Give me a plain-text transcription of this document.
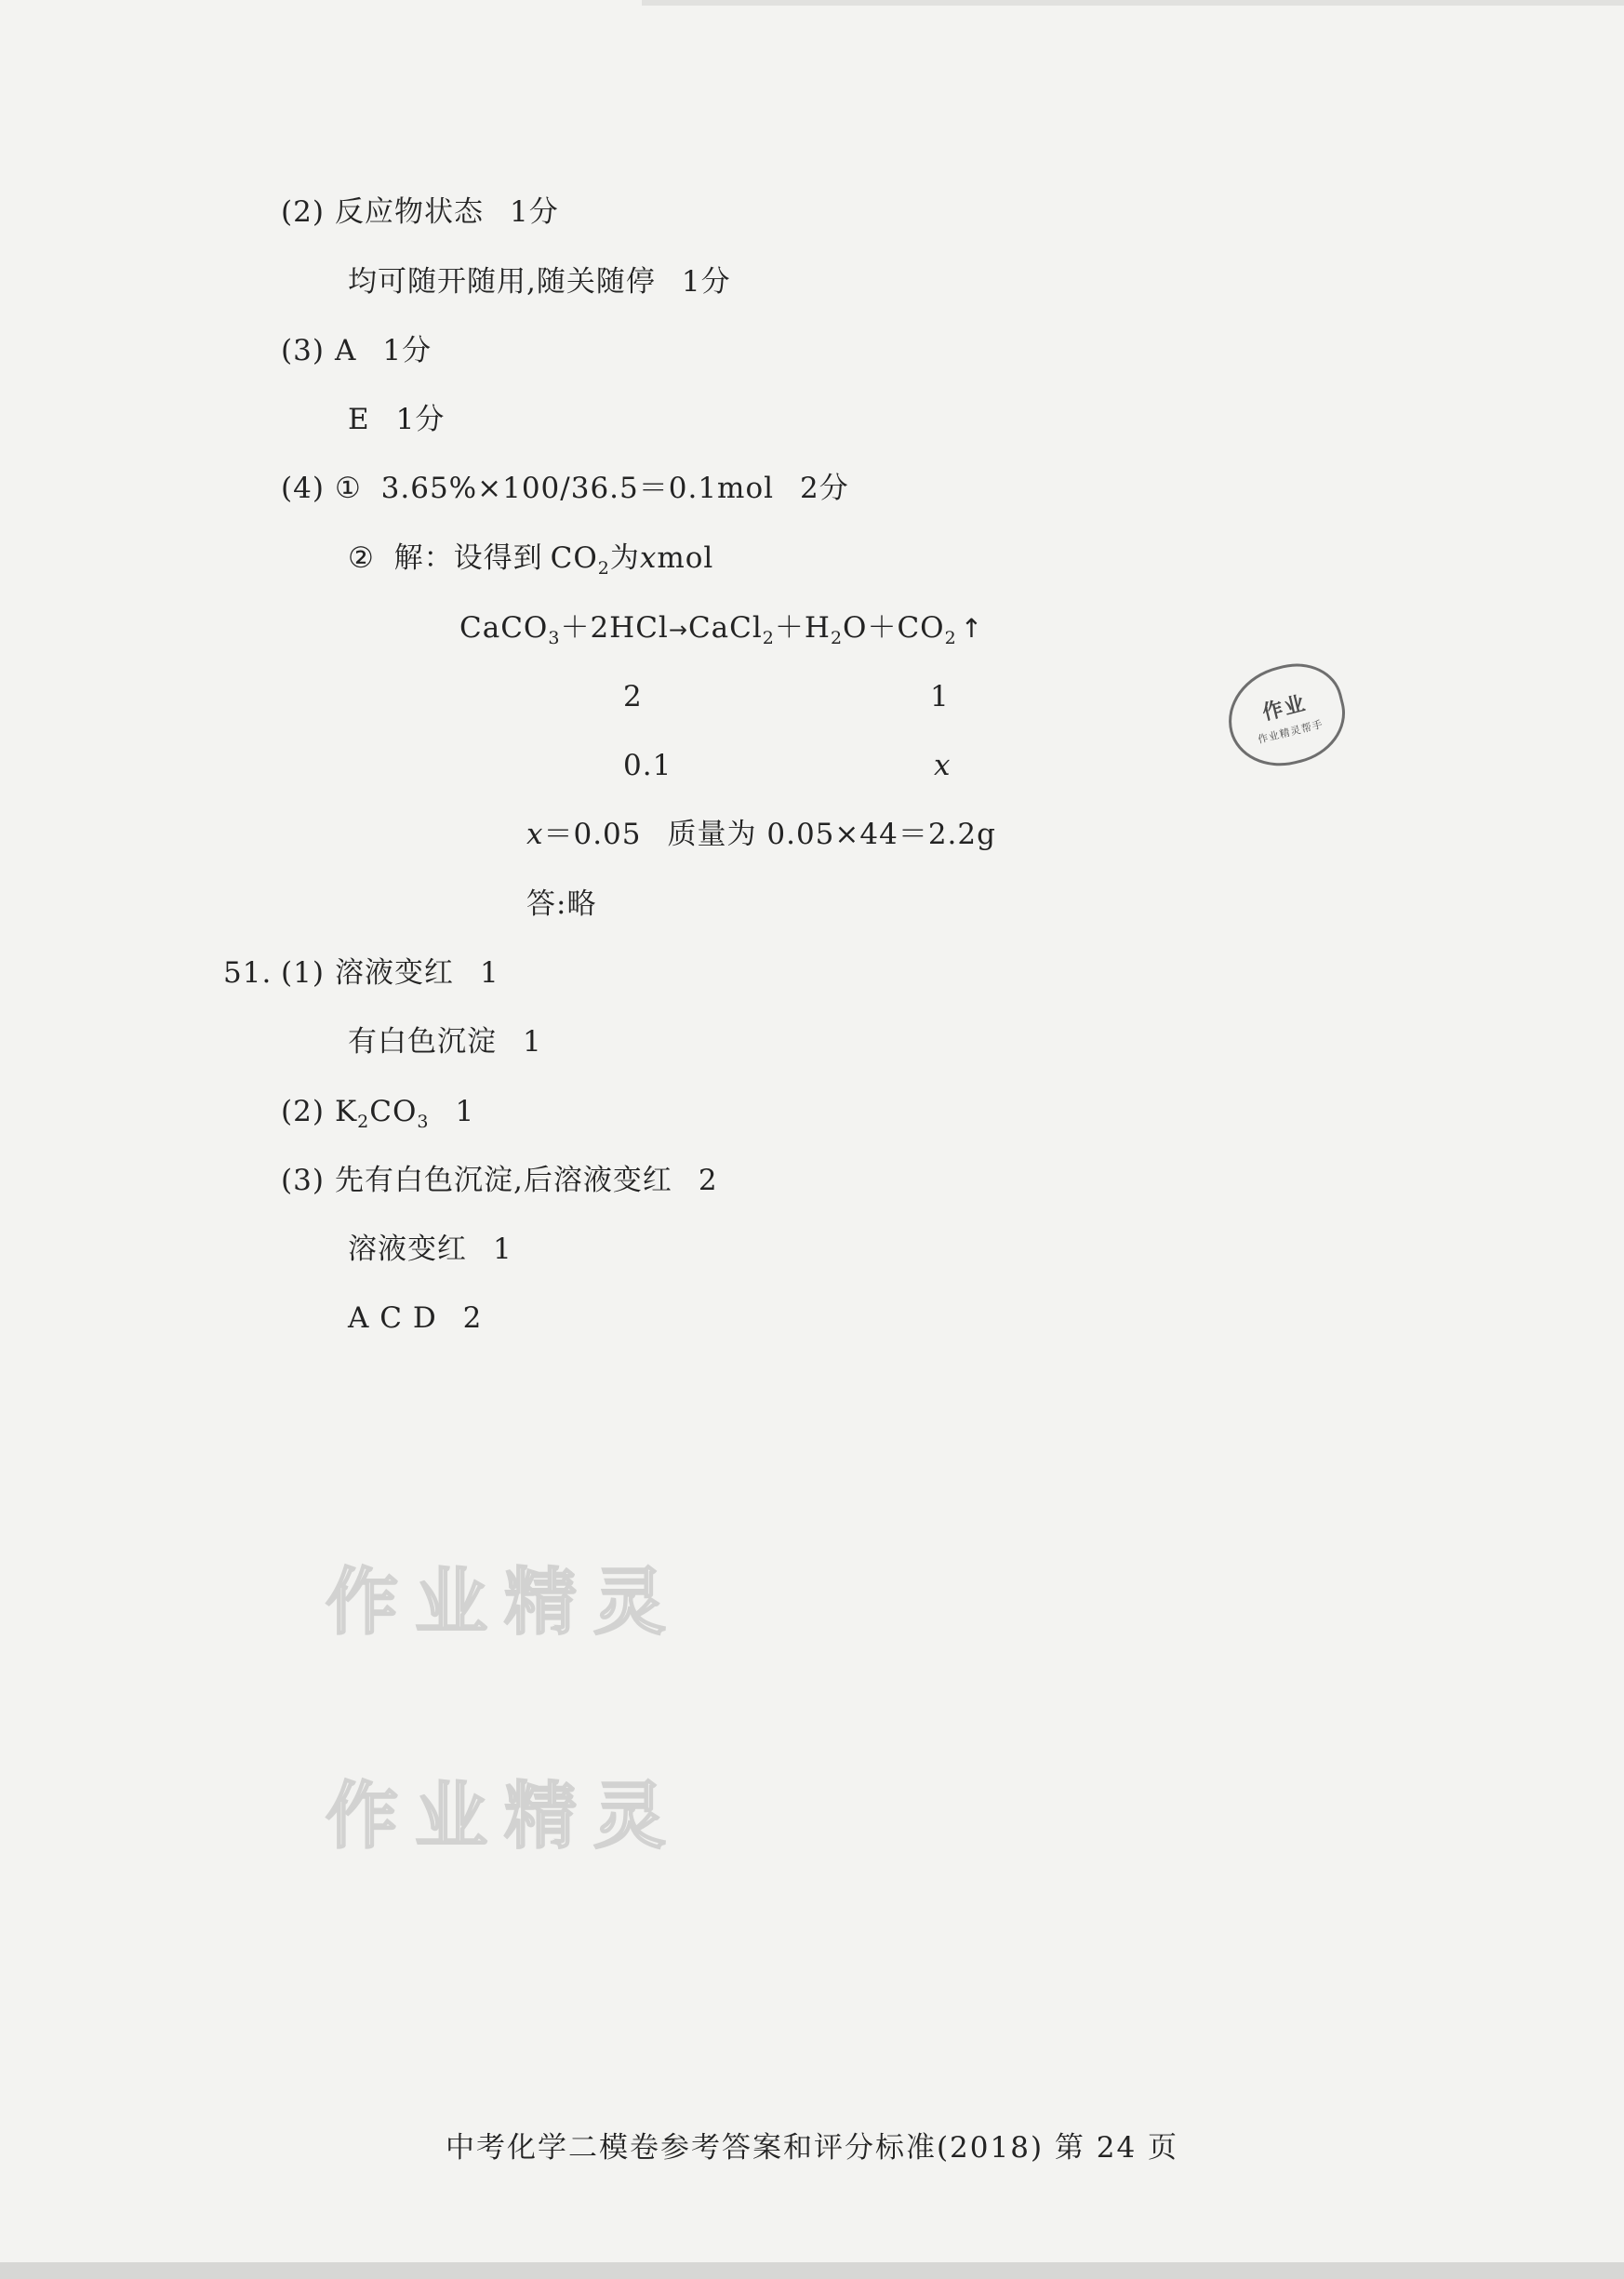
(2) 反应物状态 1分
均可随开随用,随关随停 1分
(3) A 1分
E 1分
(4) ① 3.65%×100/36.5＝0.1mol 2分
② 解：设得到 $CO_2$为xmol
$CaCO_3+2HCl\to CaCl_2+H_2O+CO_2$ ↑
2	1
0.1	x
x＝0.05 质量为 0.05×44＝2.2g
答:略
51. (1) 溶液变红 1
有白色沉淀 1
(2) $K_2CO_3$ 1
(3) 先有白色沉淀,后溶液变红 2
溶液变红 1
A C D 2
作业
作业精灵帮手
作业精灵
作业精灵
中考化学二模卷参考答案和评分标准(2018) 第 24 页
